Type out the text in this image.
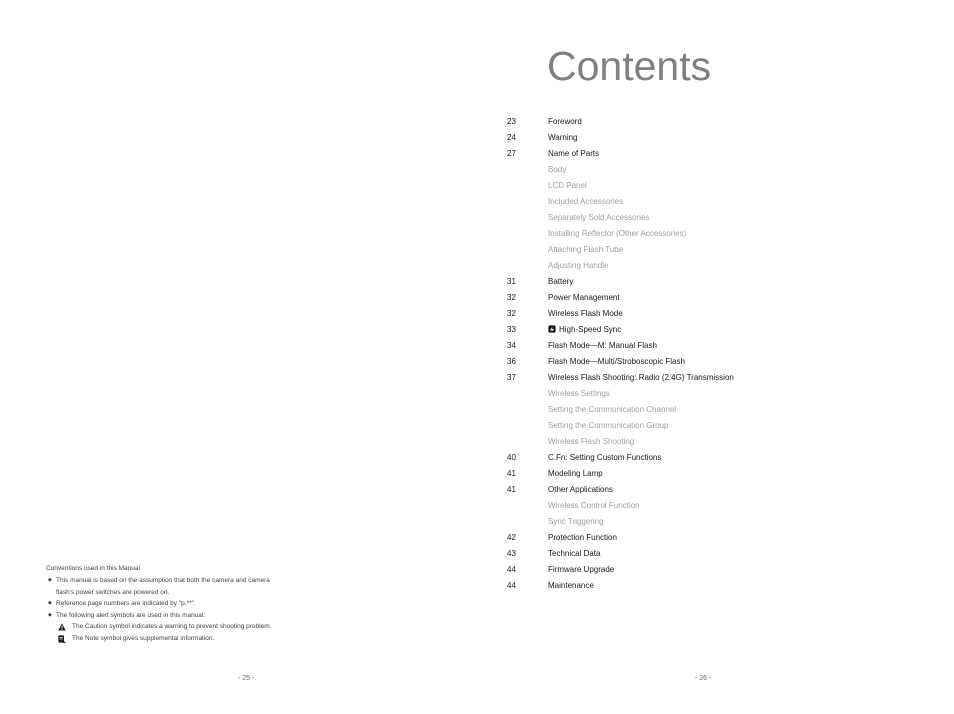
Contents
23	Foreword
24	Warning
27	Name of Parts
Body
LCD Panel
Included Accessories
Separately Sold Accessories
Installing Reflector (Other Accessories)
Attaching Flash Tube
Adjusting Handle
31	Battery
32	Power Management
32	Wireless Flash Mode
33	High-Speed Sync
34	Flash Mode—M: Manual Flash
36	Flash Mode—Multi/Stroboscopic Flash
37	Wireless Flash Shooting: Radio (2.4G) Transmission
Wireless Settings
Setting the Communication Channel
Setting the Communication Group
Wireless Flash Shooting
40	C.Fn: Setting Custom Functions
41	Modeling Lamp
41	Other Applications
Wireless Control Function
Sync Triggering
42	Protection Function
43	Technical Data
44	Firmware Upgrade
44	Maintenance
Conventions used in this Manual
◆ This manual is based on the assumption that both the camera and camera
flash's power switches are powered on.
◆ Reference page numbers are indicated by "p.**".
◆ The following alert symbols are used in this manual:
The Caution symbol indicates a warning to prevent shooting problem.
The Note symbol gives supplemental information.
- 25 -	- 26 -
